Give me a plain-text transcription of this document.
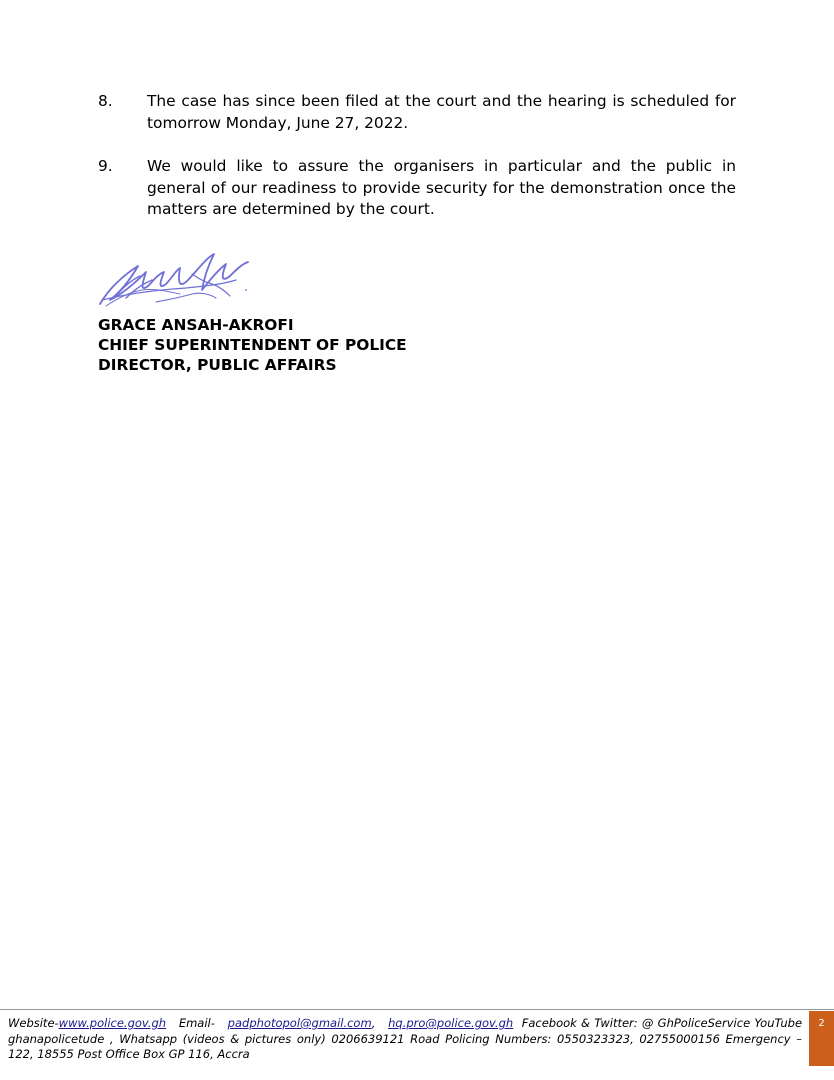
8.	The case has since been filed at the court and the hearing is scheduled for tomorrow Monday, June 27, 2022.
9.	We would like to assure the organisers in particular and the public in general of our readiness to provide security for the demonstration once the matters are determined by the court.
GRACE ANSAH-AKROFI
CHIEF SUPERINTENDENT OF POLICE
DIRECTOR, PUBLIC AFFAIRS
Website-www.police.gov.gh Email- padphotopol@gmail.com, hq.pro@police.gov.gh Facebook & Twitter: @ GhPoliceService YouTube ghanapolicetude , Whatsapp (videos & pictures only) 0206639121 Road Policing Numbers: 0550323323, 02755000156 Emergency – 122, 18555 Post Office Box GP 116, Accra
2
